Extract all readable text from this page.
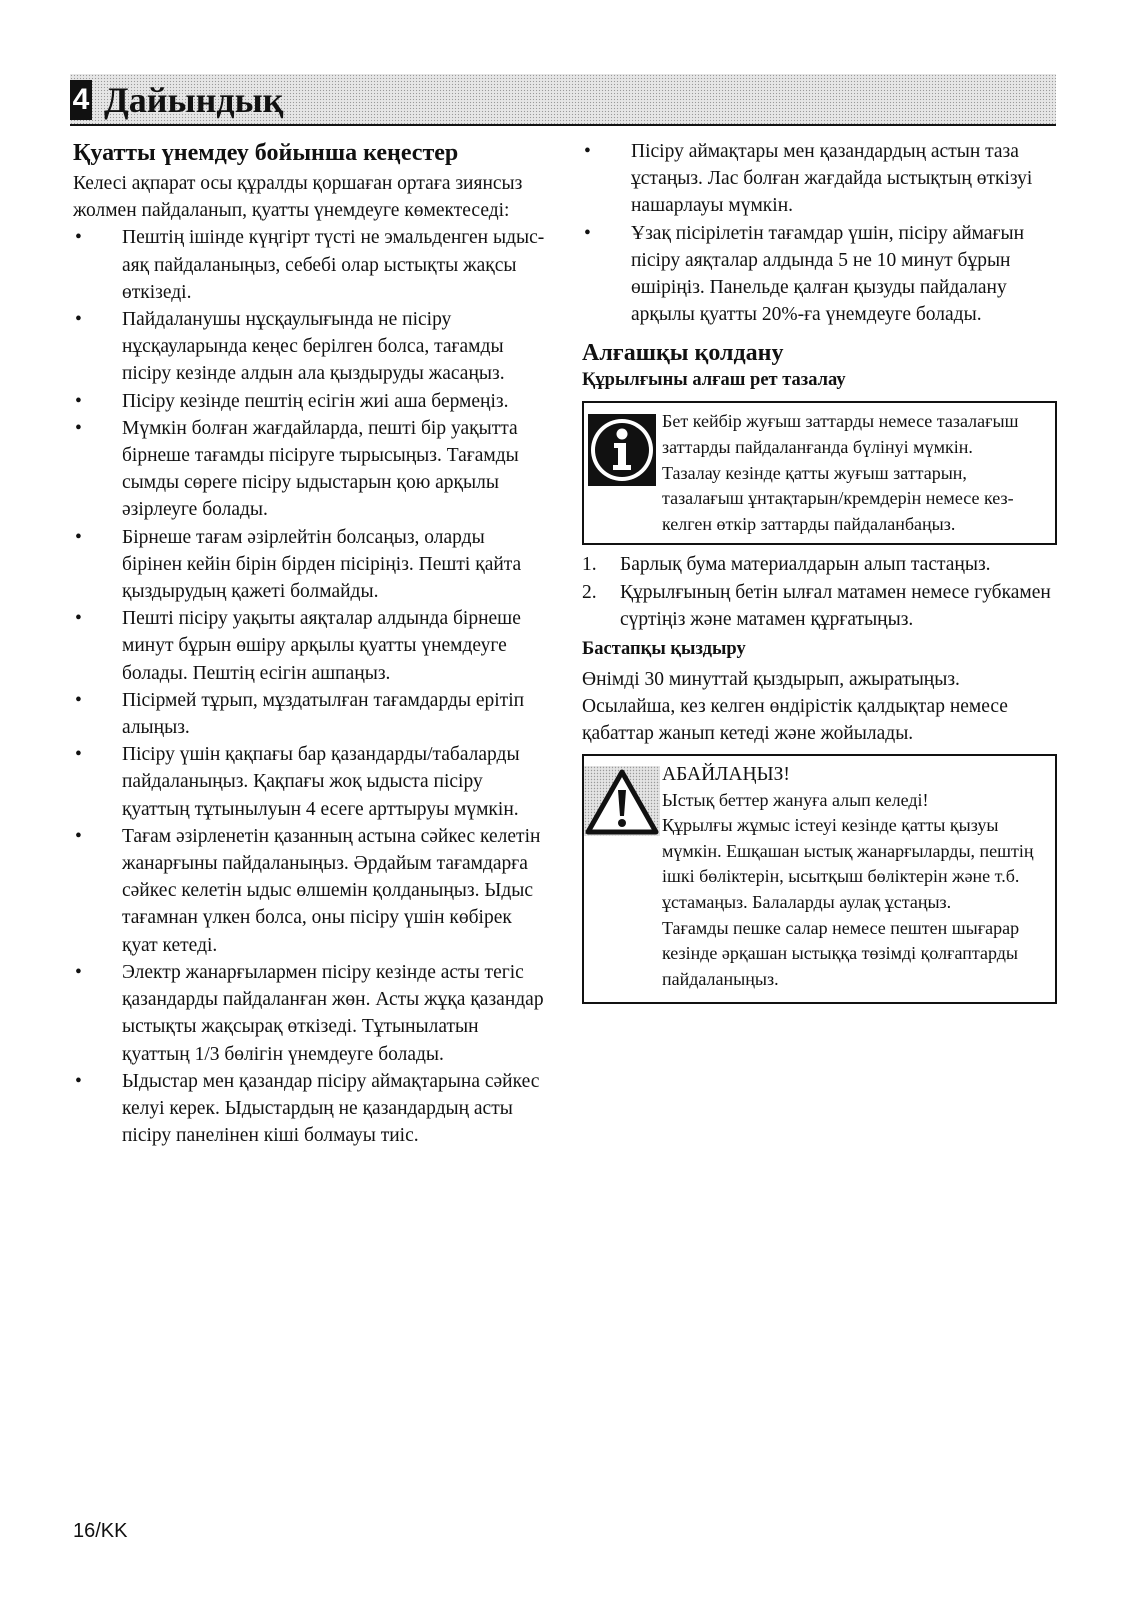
4 Дайындық
Қуатты үнемдеу бойынша кеңестер

Келесі ақпарат осы құралды қоршаған ортаға зиянсыз жолмен пайдаланып, қуатты үнемдеуге көмектеседі:

• Пештің ішінде күңгірт түсті не эмальденген ыдыс-аяқ пайдаланыңыз, себебі олар ыстықты жақсы өткізеді.
• Пайдаланушы нұсқаулығында не пісіру нұсқауларында кеңес берілген болса, тағамды пісіру кезінде алдын ала қыздыруды жасаңыз.
• Пісіру кезінде пештің есігін жиі аша бермеңіз.
• Мүмкін болған жағдайларда, пешті бір уақытта бірнеше тағамды пісіруге тырысыңыз. Тағамды сымды сөреге пісіру ыдыстарын қою арқылы әзірлеуге болады.
• Бірнеше тағам әзірлейтін болсаңыз, оларды бірінен кейін бірін бірден пісіріңіз. Пешті қайта қыздырудың қажеті болмайды.
• Пешті пісіру уақыты аяқталар алдында бірнеше минут бұрын өшіру арқылы қуатты үнемдеуге болады. Пештің есігін ашпаңыз.
• Пісірмей тұрып, мұздатылған тағамдарды ерітіп алыңыз.
• Пісіру үшін қақпағы бар қазандарды/табаларды пайдаланыңыз. Қақпағы жоқ ыдыста пісіру қуаттың тұтынылуын 4 есеге арттыруы мүмкін.
• Тағам әзірленетін қазанның астына сәйкес келетін жанарғыны пайдаланыңыз. Әрдайым тағамдарға сәйкес келетін ыдыс өлшемін қолданыңыз. Ыдыс тағамнан үлкен болса, оны пісіру үшін көбірек қуат кетеді.
• Электр жанарғылармен пісіру кезінде асты тегіс қазандарды пайдаланған жөн. Асты жұқа қазандар ыстықты жақсырақ өткізеді. Тұтынылатын қуаттың 1/3 бөлігін үнемдеуге болады.
• Ыдыстар мен қазандар пісіру аймақтарына сәйкес келуі керек. Ыдыстардың не қазандардың асты пісіру панелінен кіші болмауы тиіс.
• Пісіру аймақтары мен қазандардың астын таза ұстаңыз. Лас болған жағдайда ыстықтың өткізуі нашарлауы мүмкін.
• Ұзақ пісірілетін тағамдар үшін, пісіру аймағын пісіру аяқталар алдында 5 не 10 минут бұрын өшіріңіз. Панельде қалған қызуды пайдалану арқылы қуатты 20%-ға үнемдеуге болады.
Алғашқы қолдану
Құрылғыны алғаш рет тазалау

Бет кейбір жуғыш заттарды немесе тазалағыш заттарды пайдаланғанда бүлінуі мүмкін.

Тазалау кезінде қатты жуғыш заттарын, тазалағыш ұнтақтарын/кремдерін немесе кез-келген өткір заттарды пайдаланбаңыз.

1. Барлық бума материалдарын алып тастаңыз.
2. Құрылғының бетін ылғал матамен немесе губкамен сүртіңіз және матамен құрғатыңыз.
Бастапқы қыздыру

Өнімді 30 минуттай қыздырып, ажыратыңыз. Осылайша, кез келген өндірістік қалдықтар немесе қабаттар жанып кетеді және жойылады.

АБАЙЛАҢЫЗ!

Ыстық беттер жануға алып келеді!

Құрылғы жұмыс істеуі кезінде қатты қызуы мүмкін. Ешқашан ыстық жанарғыларды, пештің ішкі бөліктерін, ысытқыш бөліктерін және т.б. ұстамаңыз. Балаларды аулақ ұстаңыз.

Тағамды пешке салар немесе пештен шығарар кезінде әрқашан ыстыққа төзімді қолғаптарды пайдаланыңыз.

16/KK
